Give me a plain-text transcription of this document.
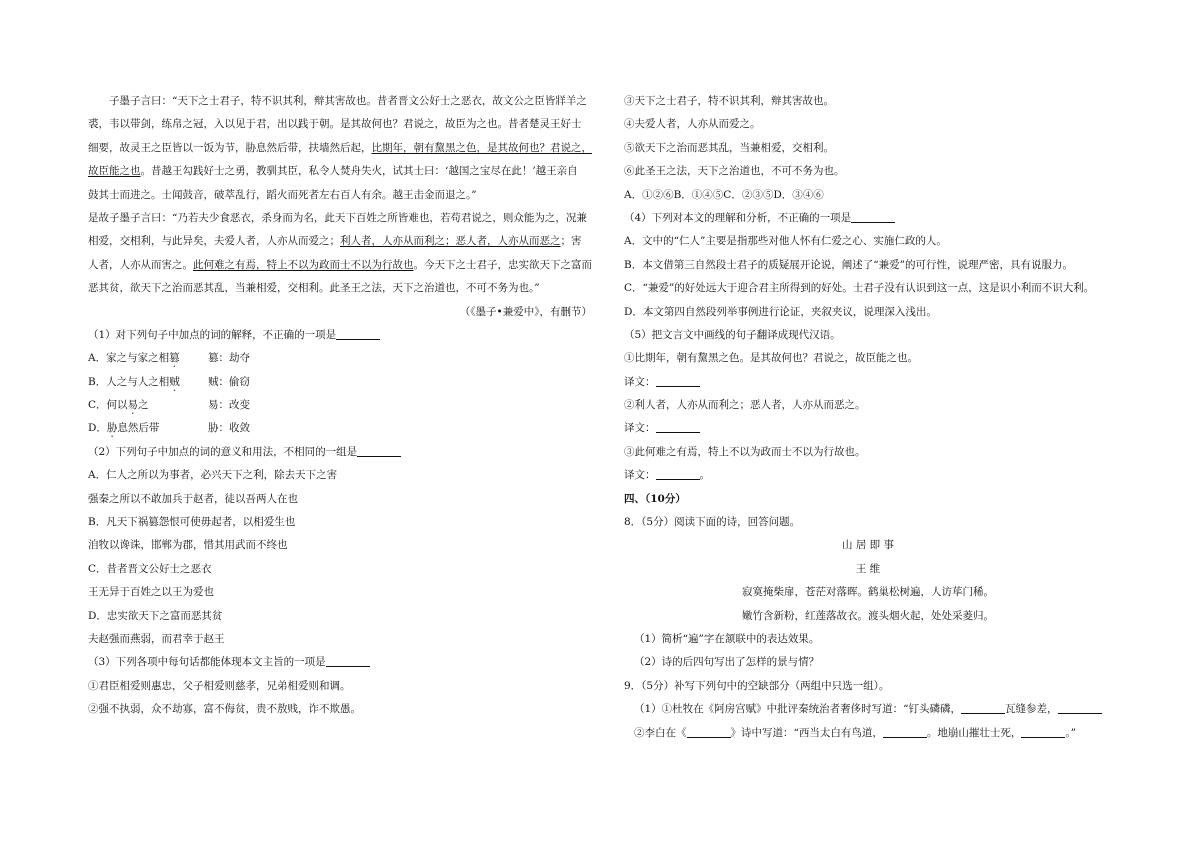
子墨子言曰：“天下之士君子，特不识其利，辩其害故也。昔者晋文公好士之恶衣，故文公之臣皆牂羊之
裘，韦以带剑，练帛之冠，入以见于君，出以践于朝。是其故何也？君说之，故臣为之也。昔者楚灵王好士
细要，故灵王之臣皆以一饭为节，胁息然后带，扶墙然后起，比期年，朝有黧黑之色，是其故何也？君说之，
故臣能之也。昔越王勾践好士之勇，教驯其臣，私令人焚舟失火，试其士曰：‘越国之宝尽在此！’越王亲自
鼓其士而进之。士闻鼓音，破萃乱行，蹈火而死者左右百人有余。越王击金而退之。”
是故子墨子言曰：“乃若夫少食恶衣，杀身而为名，此天下百姓之所皆难也，若苟君说之，则众能为之，况兼
相爱，交相利，与此异矣，夫爱人者，人亦从而爱之；利人者，人亦从而利之；恶人者，人亦从而恶之；害
人者，人亦从而害之。此何难之有焉，特上不以为政而士不以为行故也。今天下之士君子，忠实欲天下之富而
恶其贫，欲天下之治而恶其乱，当兼相爱，交相利。此圣王之法，天下之治道也，不可不务为也。”
（《墨子•兼爱中》，有删节）
（1）对下列句子中加点的词的解释，不正确的一项是
A．家之与家之相篡	篡：劫夺
B．人之与人之相贼	贼：偷窃
C．何以易之	易：改变
D．胁息然后带	胁：收敛
（2）下列句子中加点的词的意义和用法，不相同的一组是
A．仁人之所以为事者，必兴天下之利，除去天下之害
强秦之所以不敢加兵于赵者，徒以吾两人在也
B．凡天下祸篡怨恨可使毋起者，以相爱生也
洎牧以谗诛，邯郸为郡，惜其用武而不终也
C．昔者晋文公好士之恶衣
王无异于百姓之以王为爱也
D．忠实欲天下之富而恶其贫
夫赵强而燕弱，而君幸于赵王
（3）下列各项中每句话都能体现本文主旨的一项是
①君臣相爱则惠忠，父子相爱则慈孝，兄弟相爱则和调。
②强不执弱，众不劫寡，富不侮贫，贵不敖贱，诈不欺愚。
③天下之士君子，特不识其利，辩其害故也。
④夫爱人者，人亦从而爱之。
⑤欲天下之治而恶其乱，当兼相爱，交相利。
⑥此圣王之法，天下之治道也，不可不务为也。
A．①②⑥B．①④⑤C．②③⑤D．③④⑥
（4）下列对本文的理解和分析，不正确的一项是
A．文中的“仁人”主要是指那些对他人怀有仁爱之心、实施仁政的人。
B．本文借第三自然段士君子的质疑展开论说，阐述了“兼爱”的可行性，说理严密，具有说服力。
C．“兼爱”的好处远大于迎合君主所得到的好处。士君子没有认识到这一点，这是识小利而不识大利。
D．本文第四自然段列举事例进行论证，夹叙夹议，说理深入浅出。
（5）把文言文中画线的句子翻译成现代汉语。
①比期年，朝有黧黑之色。是其故何也？君说之，故臣能之也。
译文：
②利人者，人亦从而利之；恶人者，人亦从而恶之。
译文：
③此何难之有焉，特上不以为政而士不以为行故也。
译文：	。
四、（10分）
8．（5分）阅读下面的诗，回答问题。
山 居 即 事
王 维
寂寞掩柴扉，苍茫对落晖。鹤巢松树遍，人访荜门稀。
嫩竹含新粉，红莲落故衣。渡头烟火起，处处采菱归。
（1）简析“遍”字在颔联中的表达效果。
（2）诗的后四句写出了怎样的景与情？
9．（5分）补写下列句中的空缺部分（两组中只选一组）。
（1）①杜牧在《阿房宫赋》中批评秦统治者奢侈时写道：“钉头磷磷，	瓦缝参差，
②李白在《	》诗中写道：“西当太白有鸟道，	。地崩山摧壮士死，	。”
